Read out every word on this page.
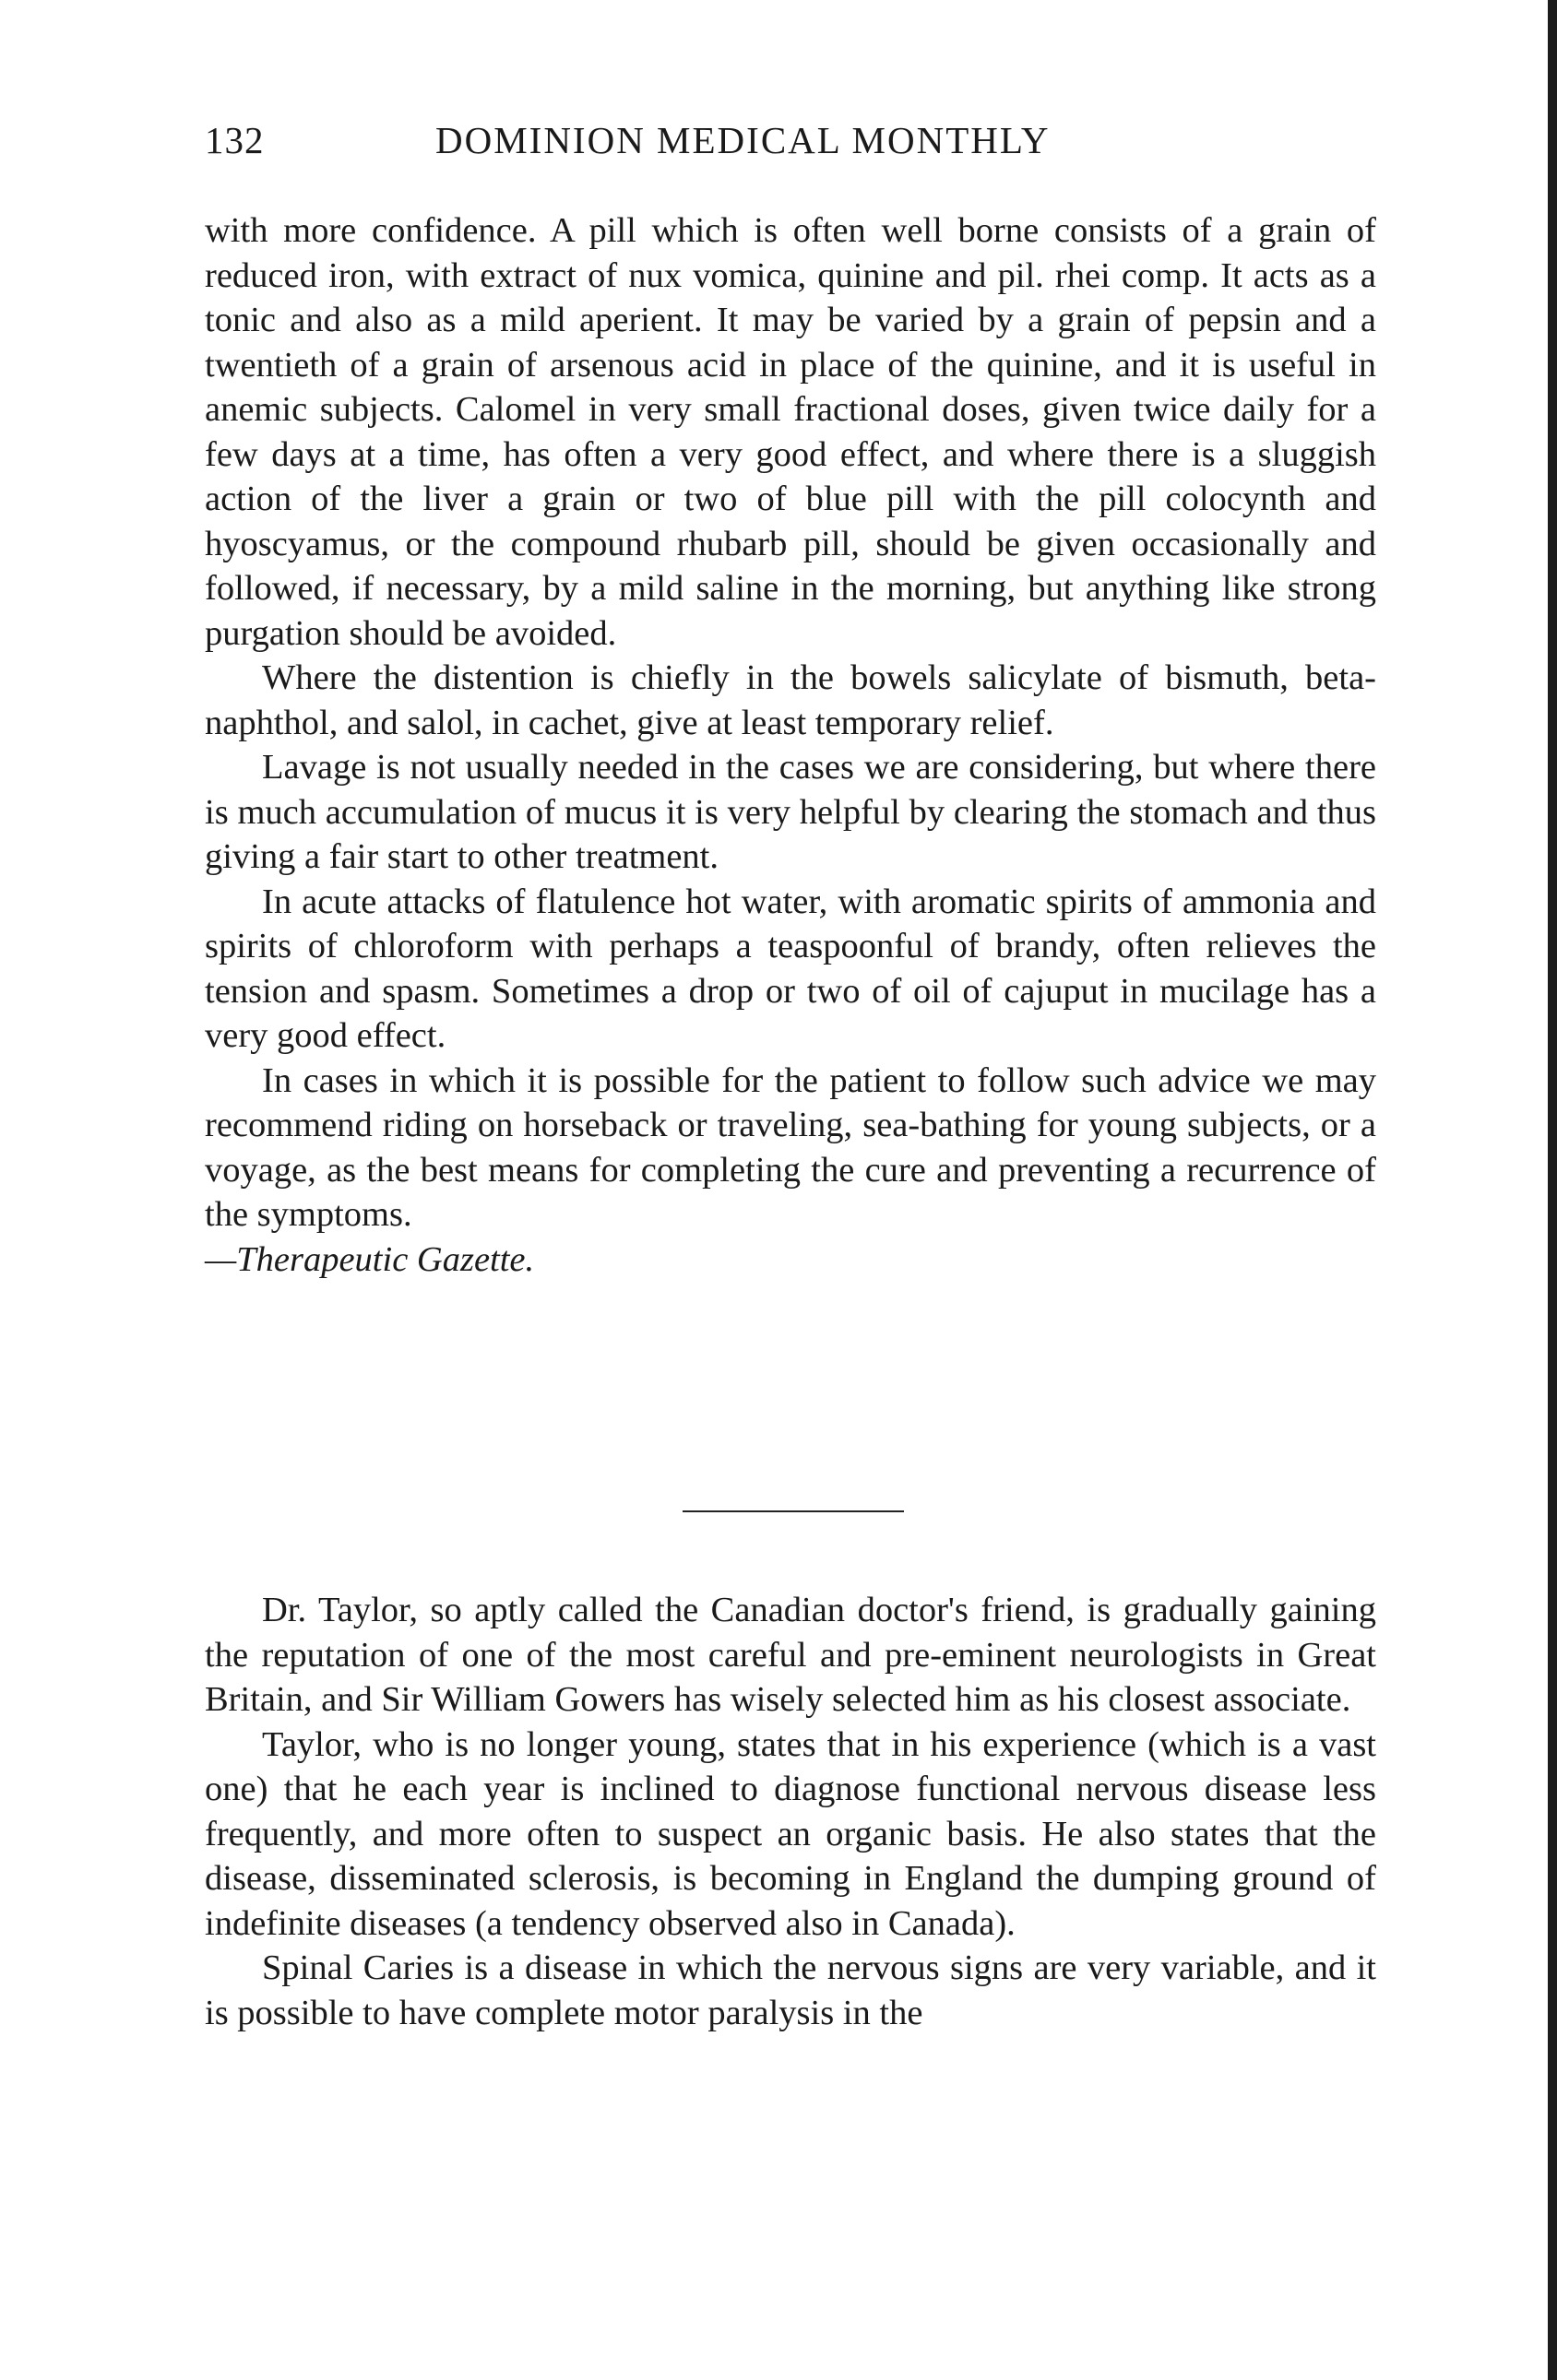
132	DOMINION MEDICAL MONTHLY

with more confidence. A pill which is often well borne consists of a grain of reduced iron, with extract of nux vomica, quinine and pil. rhei comp. It acts as a tonic and also as a mild aperient. It may be varied by a grain of pepsin and a twentieth of a grain of arsenous acid in place of the quinine, and it is useful in anemic subjects. Calomel in very small fractional doses, given twice daily for a few days at a time, has often a very good effect, and where there is a sluggish action of the liver a grain or two of blue pill with the pill colocynth and hyoscyamus, or the compound rhubarb pill, should be given occasionally and followed, if necessary, by a mild saline in the morning, but anything like strong purgation should be avoided.

Where the distention is chiefly in the bowels salicylate of bismuth, beta-naphthol, and salol, in cachet, give at least temporary relief.

Lavage is not usually needed in the cases we are considering, but where there is much accumulation of mucus it is very helpful by clearing the stomach and thus giving a fair start to other treatment.

In acute attacks of flatulence hot water, with aromatic spirits of ammonia and spirits of chloroform with perhaps a teaspoonful of brandy, often relieves the tension and spasm. Sometimes a drop or two of oil of cajuput in mucilage has a very good effect.

In cases in which it is possible for the patient to follow such advice we may recommend riding on horseback or traveling, sea-bathing for young subjects, or a voyage, as the best means for completing the cure and preventing a recurrence of the symptoms.

—Therapeutic Gazette.

Dr. Taylor, so aptly called the Canadian doctor's friend, is gradually gaining the reputation of one of the most careful and pre-eminent neurologists in Great Britain, and Sir William Gowers has wisely selected him as his closest associate.

Taylor, who is no longer young, states that in his experience (which is a vast one) that he each year is inclined to diagnose functional nervous disease less frequently, and more often to suspect an organic basis. He also states that the disease, disseminated sclerosis, is becoming in England the dumping ground of indefinite diseases (a tendency observed also in Canada).

Spinal Caries is a disease in which the nervous signs are very variable, and it is possible to have complete motor paralysis in the
